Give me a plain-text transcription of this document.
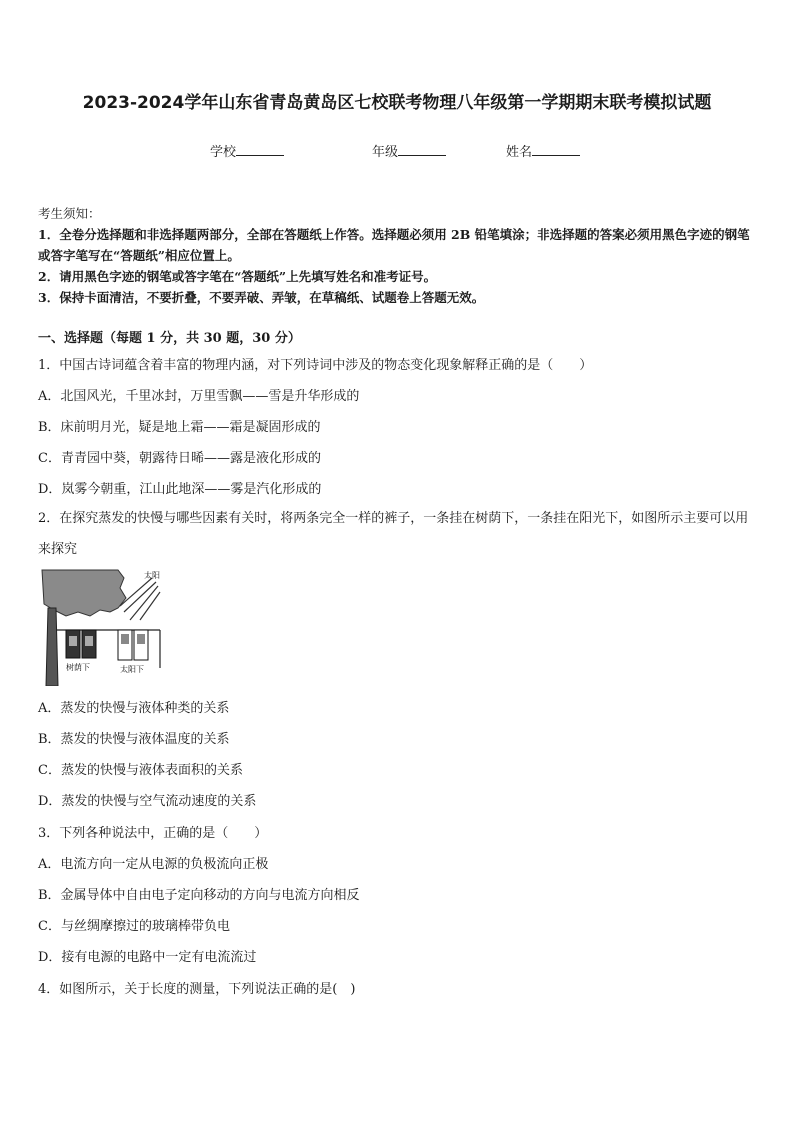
2023-2024学年山东省青岛黄岛区七校联考物理八年级第一学期期末联考模拟试题
学校	年级	姓名
考生须知：
1．全卷分选择题和非选择题两部分，全部在答题纸上作答。选择题必须用 2B 铅笔填涂；非选择题的答案必须用黑色字迹的钢笔或答字笔写在“答题纸”相应位置上。
2．请用黑色字迹的钢笔或答字笔在“答题纸”上先填写姓名和准考证号。
3．保持卡面清洁，不要折叠，不要弄破、弄皱，在草稿纸、试题卷上答题无效。
一、选择题（每题 1 分，共 30 题，30 分）
1．中国古诗词蕴含着丰富的物理内涵，对下列诗词中涉及的物态变化现象解释正确的是（　　）
A．北国风光，千里冰封，万里雪飘——雪是升华形成的
B．床前明月光，疑是地上霜——霜是凝固形成的
C．青青园中葵，朝露待日晞——露是液化形成的
D．岚雾今朝重，江山此地深——雾是汽化形成的
2．在探究蒸发的快慢与哪些因素有关时，将两条完全一样的裤子，一条挂在树荫下，一条挂在阳光下，如图所示主要可以用来探究
太阳
树荫下	太阳下
A．蒸发的快慢与液体种类的关系
B．蒸发的快慢与液体温度的关系
C．蒸发的快慢与液体表面积的关系
D．蒸发的快慢与空气流动速度的关系
3．下列各种说法中，正确的是（　　）
A．电流方向一定从电源的负极流向正极
B．金属导体中自由电子定向移动的方向与电流方向相反
C．与丝绸摩擦过的玻璃棒带负电
D．接有电源的电路中一定有电流流过
4．如图所示，关于长度的测量，下列说法正确的是(　)
